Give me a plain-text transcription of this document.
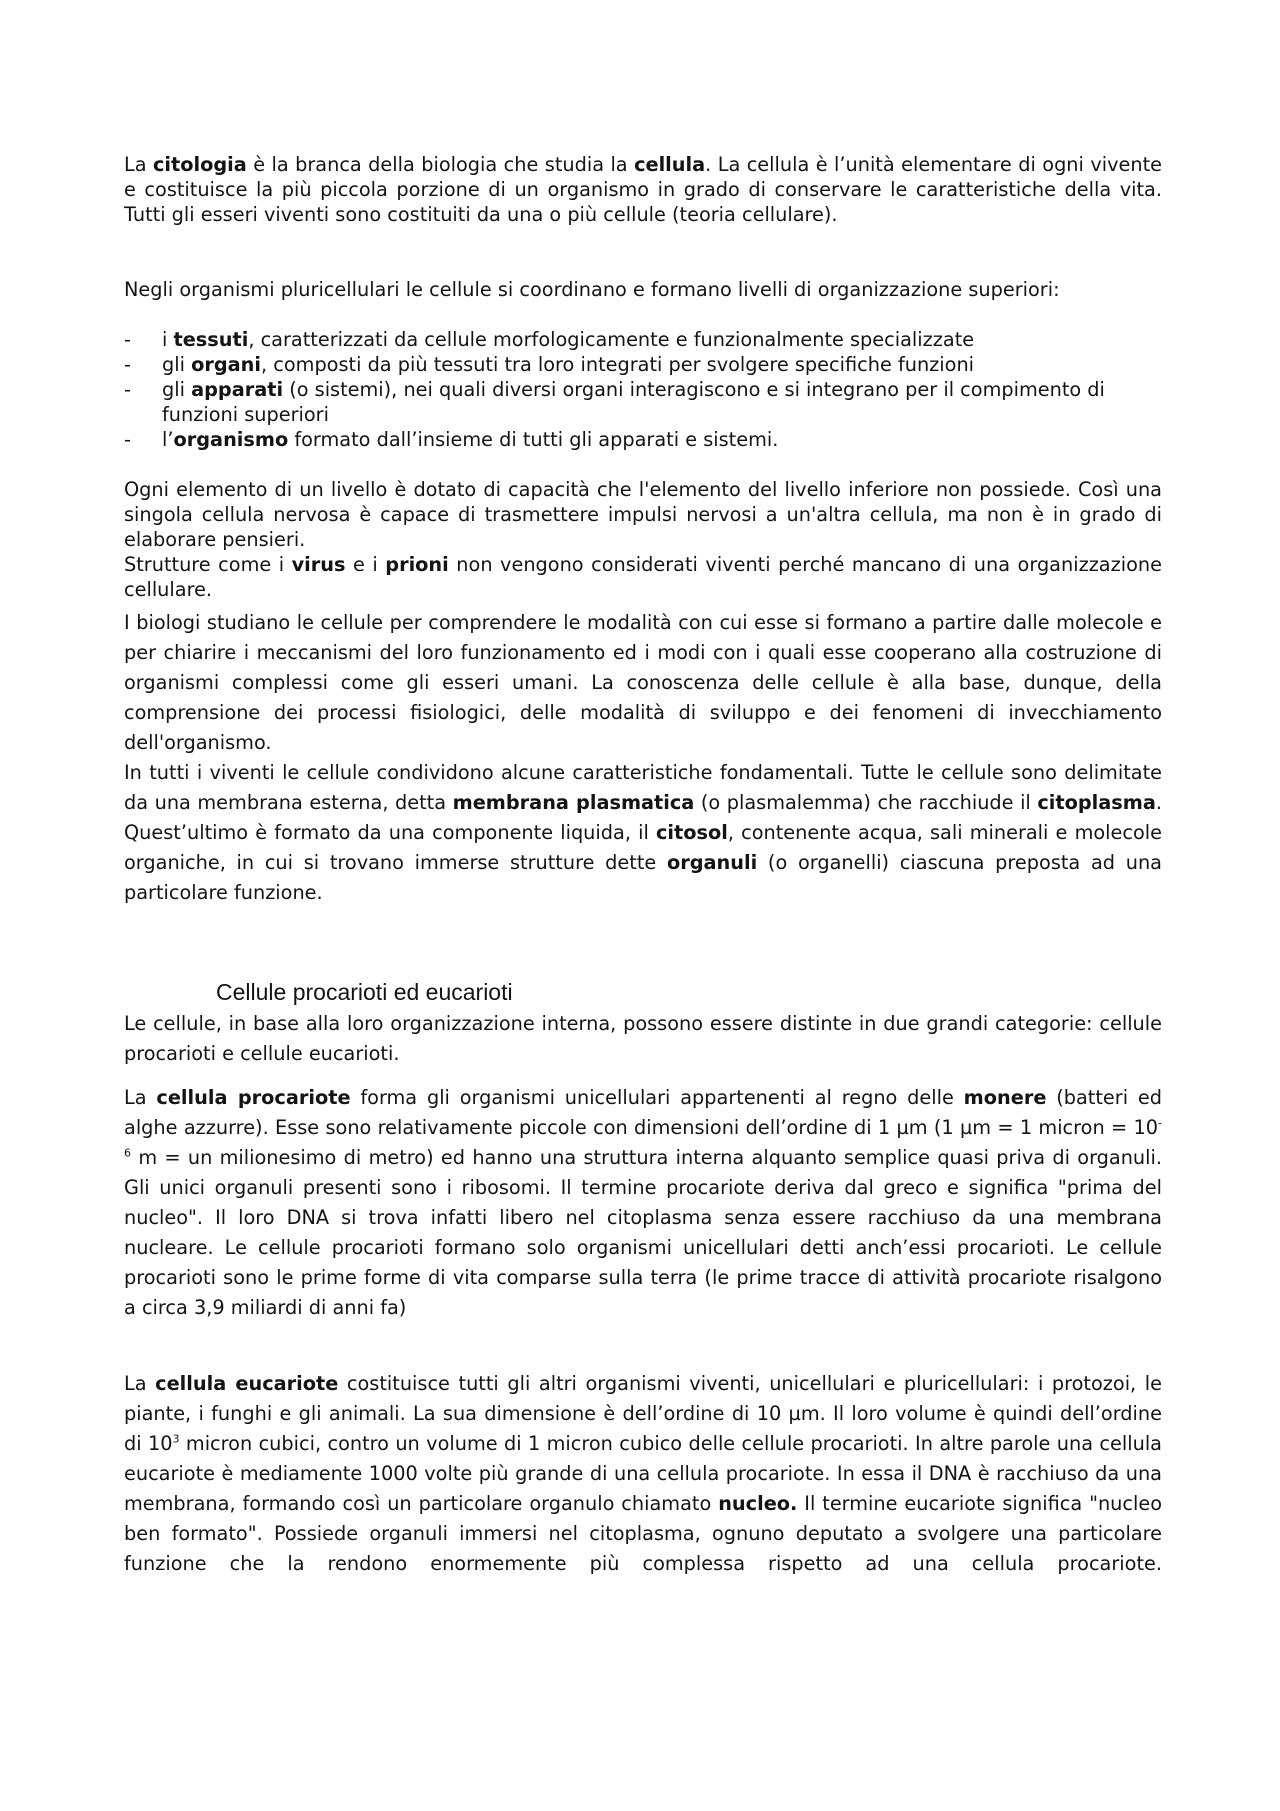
La citologia è la branca della biologia che studia la cellula. La cellula è l’unità elementare di ogni vivente e costituisce la più piccola porzione di un organismo in grado di conservare le caratteristiche della vita. Tutti gli esseri viventi sono costituiti da una o più cellule (teoria cellulare).

Negli organismi pluricellulari le cellule si coordinano e formano livelli di organizzazione superiori:

- i tessuti, caratterizzati da cellule morfologicamente e funzionalmente specializzate
- gli organi, composti da più tessuti tra loro integrati per svolgere specifiche funzioni
- gli apparati (o sistemi), nei quali diversi organi interagiscono e si integrano per il compimento di funzioni superiori
- l’organismo formato dall’insieme di tutti gli apparati e sistemi.

Ogni elemento di un livello è dotato di capacità che l'elemento del livello inferiore non possiede. Così una singola cellula nervosa è capace di trasmettere impulsi nervosi a un'altra cellula, ma non è in grado di elaborare pensieri.

Strutture come i virus e i prioni non vengono considerati viventi perché mancano di una organizzazione cellulare.

I biologi studiano le cellule per comprendere le modalità con cui esse si formano a partire dalle molecole e per chiarire i meccanismi del loro funzionamento ed i modi con i quali esse cooperano alla costruzione di organismi complessi come gli esseri umani. La conoscenza delle cellule è alla base, dunque, della comprensione dei processi fisiologici, delle modalità di sviluppo e dei fenomeni di invecchiamento dell'organismo.

In tutti i viventi le cellule condividono alcune caratteristiche fondamentali. Tutte le cellule sono delimitate da una membrana esterna, detta membrana plasmatica (o plasmalemma) che racchiude il citoplasma. Quest’ultimo è formato da una componente liquida, il citosol, contenente acqua, sali minerali e molecole organiche, in cui si trovano immerse strutture dette organuli (o organelli) ciascuna preposta ad una particolare funzione.

Cellule procarioti ed eucarioti

Le cellule, in base alla loro organizzazione interna, possono essere distinte in due grandi categorie: cellule procarioti e cellule eucarioti.

La cellula procariote forma gli organismi unicellulari appartenenti al regno delle monere (batteri ed alghe azzurre). Esse sono relativamente piccole con dimensioni dell’ordine di 1 µm (1 µm = 1 micron = $10^{-6}$ m = un milionesimo di metro) ed hanno una struttura interna alquanto semplice quasi priva di organuli. Gli unici organuli presenti sono i ribosomi. Il termine procariote deriva dal greco e significa "prima del nucleo". Il loro DNA si trova infatti libero nel citoplasma senza essere racchiuso da una membrana nucleare. Le cellule procarioti formano solo organismi unicellulari detti anch’essi procarioti. Le cellule procarioti sono le prime forme di vita comparse sulla terra (le prime tracce di attività procariote risalgono a circa 3,9 miliardi di anni fa)

La cellula eucariote costituisce tutti gli altri organismi viventi, unicellulari e pluricellulari: i protozoi, le piante, i funghi e gli animali. La sua dimensione è dell’ordine di 10 µm. Il loro volume è quindi dell’ordine di $10^3$ micron cubici, contro un volume di 1 micron cubico delle cellule procarioti. In altre parole una cellula eucariote è mediamente 1000 volte più grande di una cellula procariote. In essa il DNA è racchiuso da una membrana, formando così un particolare organulo chiamato nucleo. Il termine eucariote significa "nucleo ben formato". Possiede organuli immersi nel citoplasma, ognuno deputato a svolgere una particolare funzione che la rendono enormemente più complessa rispetto ad una cellula procariote.
